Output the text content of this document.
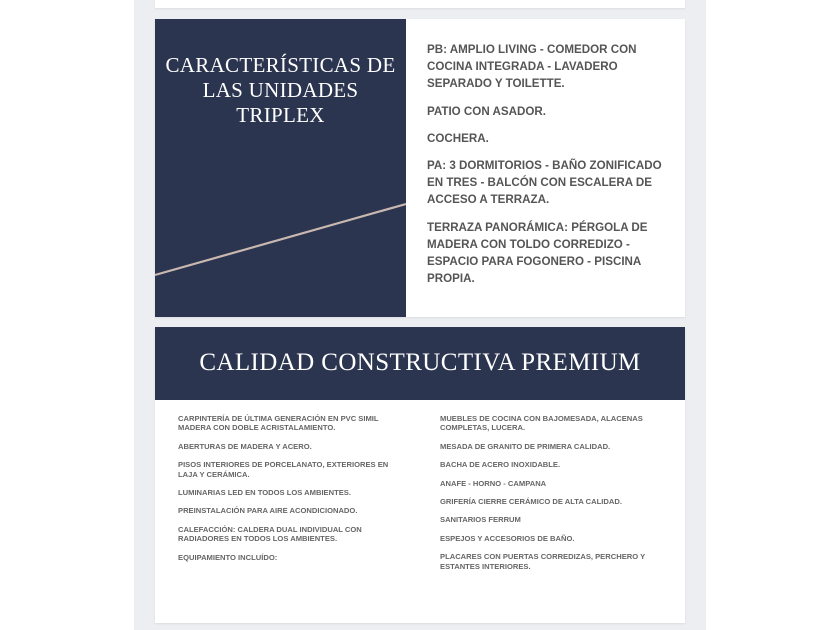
CARACTERÍSTICAS DE LAS UNIDADES TRIPLEX

PB: AMPLIO LIVING - COMEDOR CON COCINA INTEGRADA - LAVADERO SEPARADO Y TOILETTE.

PATIO CON ASADOR.

COCHERA.

PA: 3 DORMITORIOS - BAÑO ZONIFICADO EN TRES - BALCÓN CON ESCALERA DE ACCESO A TERRAZA.

TERRAZA PANORÁMICA: PÉRGOLA DE MADERA CON TOLDO CORREDIZO - ESPACIO PARA FOGONERO - PISCINA PROPIA.

CALIDAD CONSTRUCTIVA PREMIUM

CARPINTERÍA DE ÚLTIMA GENERACIÓN EN PVC SIMIL MADERA CON DOBLE ACRISTALAMIENTO.

ABERTURAS DE MADERA Y ACERO.

PISOS INTERIORES DE PORCELANATO, EXTERIORES EN LAJA Y CERÁMICA.

LUMINARIAS LED EN TODOS LOS AMBIENTES.

PREINSTALACIÓN PARA AIRE ACONDICIONADO.

CALEFACCIÓN: CALDERA DUAL INDIVIDUAL CON RADIADORES EN TODOS LOS AMBIENTES.

EQUIPAMIENTO INCLUÍDO:

MUEBLES DE COCINA CON BAJOMESADA, ALACENAS COMPLETAS, LUCERA.

MESADA DE GRANITO DE PRIMERA CALIDAD.

BACHA DE ACERO INOXIDABLE.

ANAFE - HORNO - CAMPANA

GRIFERÍA CIERRE CERÁMICO DE ALTA CALIDAD.

SANITARIOS FERRUM

ESPEJOS Y ACCESORIOS DE BAÑO.

PLACARES CON PUERTAS CORREDIZAS, PERCHERO Y ESTANTES INTERIORES.
